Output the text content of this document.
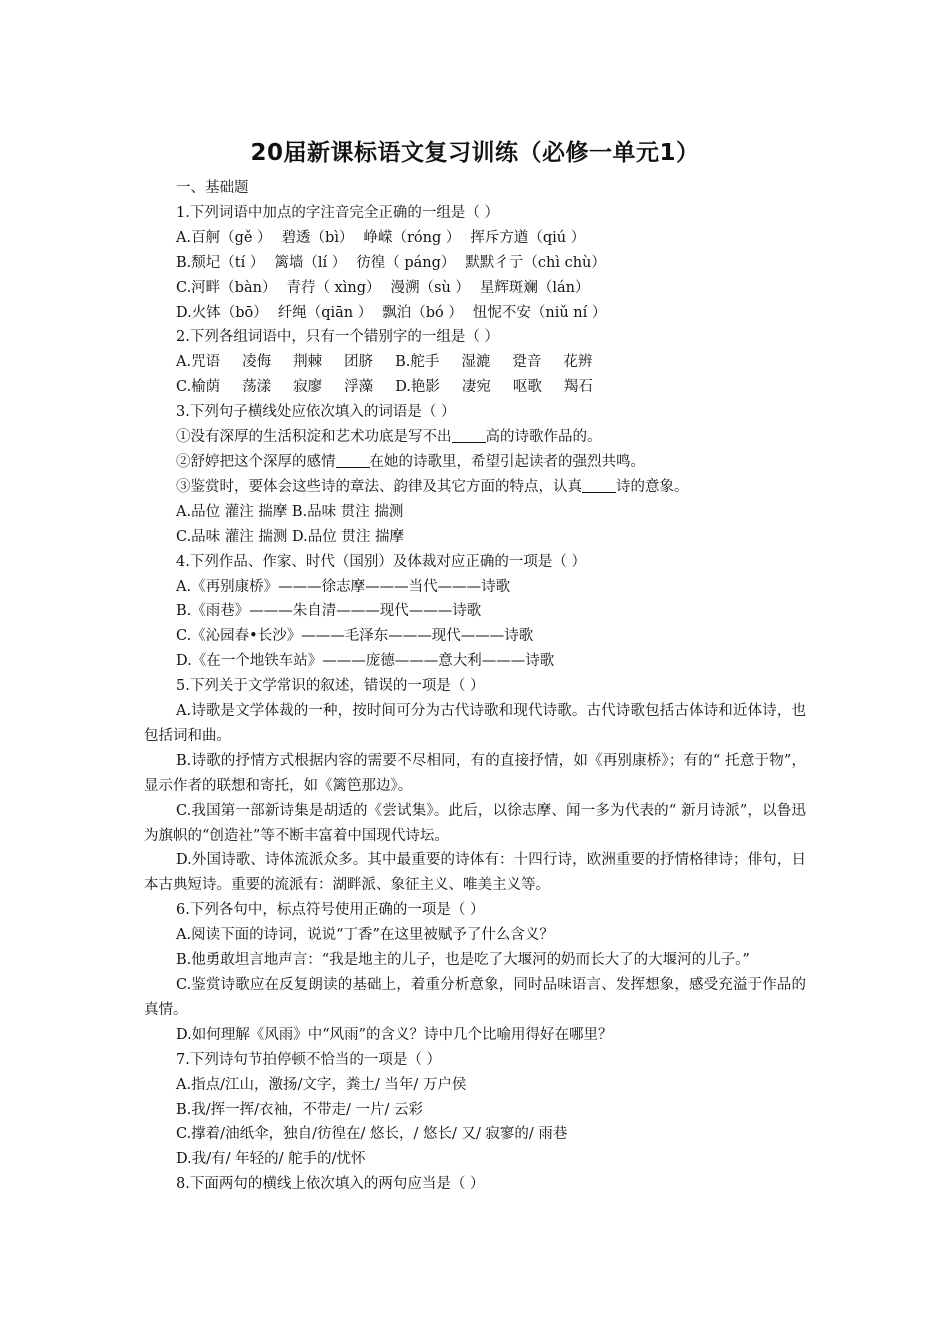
20届新课标语文复习训练（必修一单元1）
一、基础题
1.下列词语中加点的字注音完全正确的一组是（ ）
A.百舸（gě ） 碧透（bì） 峥嵘（róng ） 挥斥方遒（qiú ）
B.颓圮（tí ） 篱墙（lí ） 彷徨（ páng） 默默彳亍（chì chù）
C.河畔（bàn） 青荇（ xìng） 漫溯（sù ） 星辉斑斓（lán）
D.火钵（bō） 纤绳（qiān ） 飘泊（bó ） 忸怩不安（niǔ ní ）
2.下列各组词语中，只有一个错别字的一组是（ ）
A.咒语 凌侮 荆棘 团脐 B.舵手 湿漉 跫音 花辨
C.榆荫 荡漾 寂廖 浮藻 D.艳影 凄宛 呕歌 羯石
3.下列句子横线处应依次填入的词语是（ ）
①没有深厚的生活积淀和艺术功底是写不出 高的诗歌作品的。
②舒婷把这个深厚的感情 在她的诗歌里，希望引起读者的强烈共鸣。
③鉴赏时，要体会这些诗的章法、韵律及其它方面的特点，认真 诗的意象。
A.品位 灌注 揣摩 B.品味 贯注 揣测
C.品味 灌注 揣测 D.品位 贯注 揣摩
4.下列作品、作家、时代（国别）及体裁对应正确的一项是（ ）
A.《再别康桥》———徐志摩———当代———诗歌
B.《雨巷》———朱自清———现代———诗歌
C.《沁园春•长沙》———毛泽东———现代———诗歌
D.《在一个地铁车站》———庞德———意大利———诗歌
5.下列关于文学常识的叙述，错误的一项是（ ）
A.诗歌是文学体裁的一种，按时间可分为古代诗歌和现代诗歌。古代诗歌包括古体诗和近体诗，也包括词和曲。
B.诗歌的抒情方式根据内容的需要不尽相同，有的直接抒情，如《再别康桥》；有的“ 托意于物”，显示作者的联想和寄托，如《篱笆那边》。
C.我国第一部新诗集是胡适的《尝试集》。此后，以徐志摩、闻一多为代表的“ 新月诗派”，以鲁迅为旗帜的“创造社”等不断丰富着中国现代诗坛。
D.外国诗歌、诗体流派众多。其中最重要的诗体有：十四行诗，欧洲重要的抒情格律诗；俳句，日本古典短诗。重要的流派有：湖畔派、象征主义、唯美主义等。
6.下列各句中，标点符号使用正确的一项是（ ）
A.阅读下面的诗词，说说“丁香”在这里被赋予了什么含义？
B.他勇敢坦言地声言：“我是地主的儿子，也是吃了大堰河的奶而长大了的大堰河的儿子。”
C.鉴赏诗歌应在反复朗读的基础上，着重分析意象，同时品味语言、发挥想象，感受充溢于作品的真情。
D.如何理解《风雨》中“风雨”的含义？诗中几个比喻用得好在哪里？
7.下列诗句节拍停顿不恰当的一项是（ ）
A.指点/江山，激扬/文字，粪土/ 当年/ 万户侯
B.我/挥一挥/衣袖，不带走/ 一片/ 云彩
C.撑着/油纸伞，独自/彷徨在/ 悠长，/ 悠长/ 又/ 寂寥的/ 雨巷
D.我/有/ 年轻的/ 舵手的/忧怀
8.下面两句的横线上依次填入的两句应当是（ ）
